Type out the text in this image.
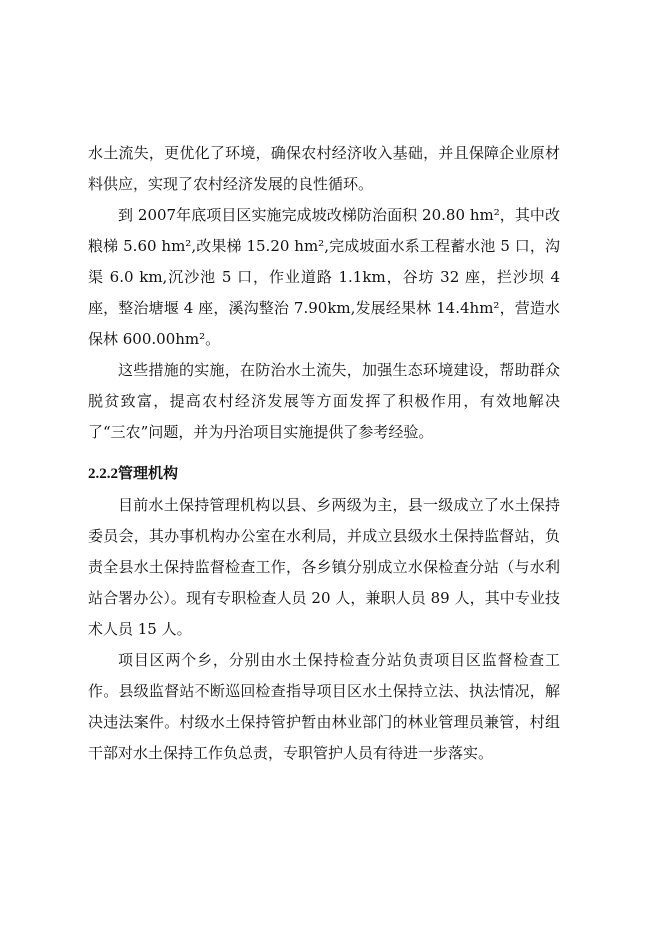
水土流失，更优化了环境，确保农村经济收入基础，并且保障企业原材料供应，实现了农村经济发展的良性循环。

到 2007年底项目区实施完成坡改梯防治面积 20.80 hm²，其中改粮梯 5.60 hm²,改果梯 15.20 hm²,完成坡面水系工程蓄水池 5 口，沟渠 6.0 km,沉沙池 5 口，作业道路 1.1km，谷坊 32 座，拦沙坝 4 座，整治塘堰 4 座，溪沟整治 7.90km,发展经果林 14.4hm²，营造水保林 600.00hm²。

这些措施的实施，在防治水土流失，加强生态环境建设，帮助群众脱贫致富，提高农村经济发展等方面发挥了积极作用，有效地解决了“三农”问题，并为丹治项目实施提供了参考经验。

2.2.2管理机构

目前水土保持管理机构以县、乡两级为主，县一级成立了水土保持委员会，其办事机构办公室在水利局，并成立县级水土保持监督站，负责全县水土保持监督检查工作，各乡镇分别成立水保检查分站（与水利站合署办公）。现有专职检查人员 20 人，兼职人员 89 人，其中专业技术人员 15 人。

项目区两个乡，分别由水土保持检查分站负责项目区监督检查工作。县级监督站不断巡回检查指导项目区水土保持立法、执法情况，解决违法案件。村级水土保持管护暂由林业部门的林业管理员兼管，村组干部对水土保持工作负总责，专职管护人员有待进一步落实。
